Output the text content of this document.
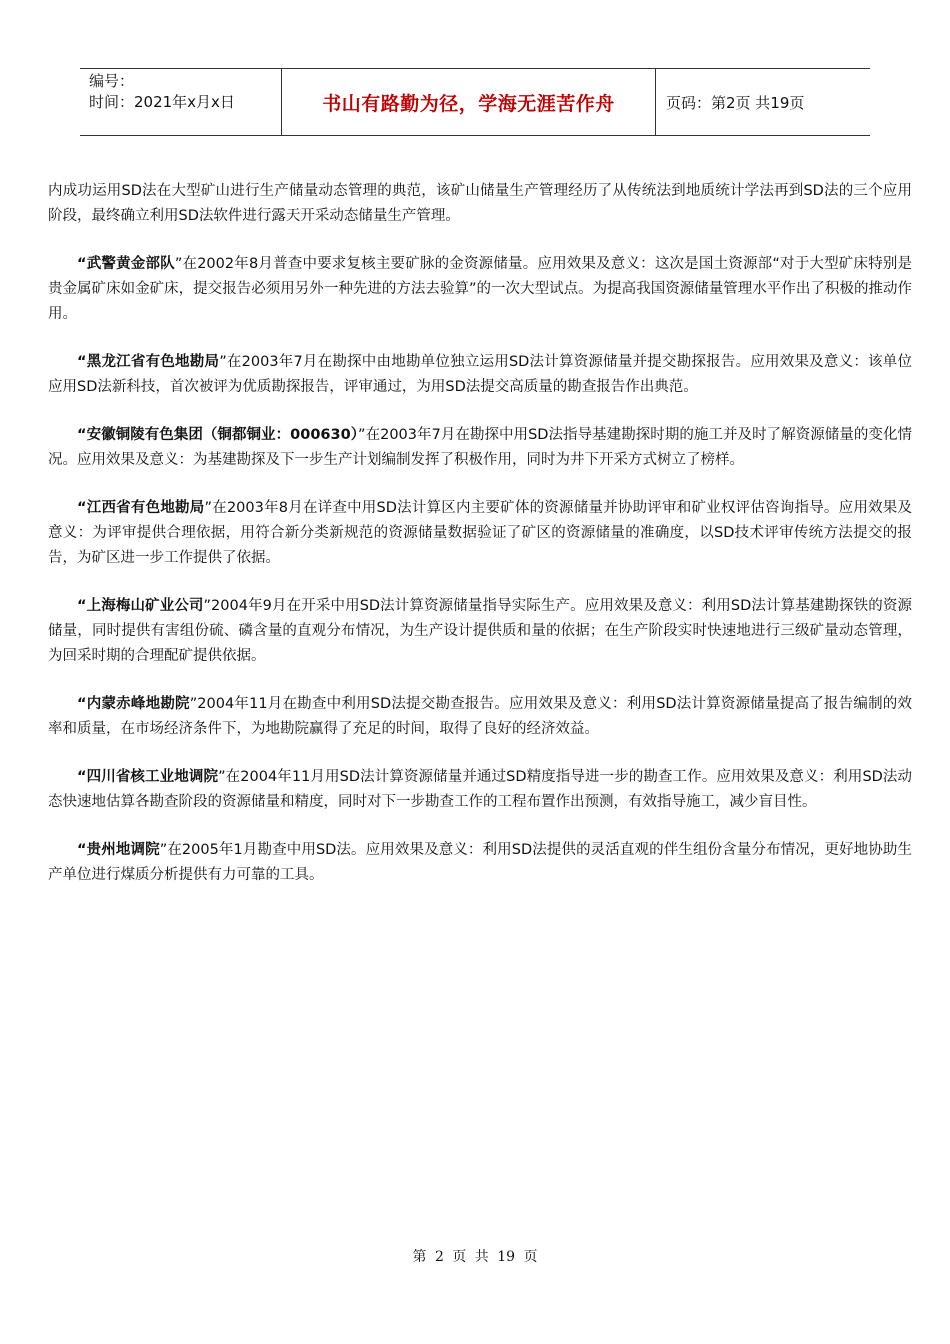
编号：
时间：2021年x月x日	书山有路勤为径，学海无涯苦作舟	页码：第2页 共19页

内成功运用SD法在大型矿山进行生产储量动态管理的典范，该矿山储量生产管理经历了从传统法到地质统计学法再到SD法的三个应用阶段，最终确立利用SD法软件进行露天开采动态储量生产管理。

“武警黄金部队”在2002年8月普查中要求复核主要矿脉的金资源储量。应用效果及意义：这次是国土资源部“对于大型矿床特别是贵金属矿床如金矿床，提交报告必须用另外一种先进的方法去验算”的一次大型试点。为提高我国资源储量管理水平作出了积极的推动作用。

“黑龙江省有色地勘局”在2003年7月在勘探中由地勘单位独立运用SD法计算资源储量并提交勘探报告。应用效果及意义：该单位应用SD法新科技，首次被评为优质勘探报告，评审通过，为用SD法提交高质量的勘查报告作出典范。

“安徽铜陵有色集团（铜都铜业：000630）”在2003年7月在勘探中用SD法指导基建勘探时期的施工并及时了解资源储量的变化情况。应用效果及意义：为基建勘探及下一步生产计划编制发挥了积极作用，同时为井下开采方式树立了榜样。

“江西省有色地勘局”在2003年8月在详查中用SD法计算区内主要矿体的资源储量并协助评审和矿业权评估咨询指导。应用效果及意义：为评审提供合理依据，用符合新分类新规范的资源储量数据验证了矿区的资源储量的准确度，以SD技术评审传统方法提交的报告，为矿区进一步工作提供了依据。

“上海梅山矿业公司”2004年9月在开采中用SD法计算资源储量指导实际生产。应用效果及意义：利用SD法计算基建勘探铁的资源储量，同时提供有害组份硫、磷含量的直观分布情况，为生产设计提供质和量的依据；在生产阶段实时快速地进行三级矿量动态管理，为回采时期的合理配矿提供依据。

“内蒙赤峰地勘院”2004年11月在勘查中利用SD法提交勘查报告。应用效果及意义：利用SD法计算资源储量提高了报告编制的效率和质量，在市场经济条件下，为地勘院赢得了充足的时间，取得了良好的经济效益。

“四川省核工业地调院”在2004年11月用SD法计算资源储量并通过SD精度指导进一步的勘查工作。应用效果及意义：利用SD法动态快速地估算各勘查阶段的资源储量和精度，同时对下一步勘查工作的工程布置作出预测，有效指导施工，减少盲目性。

“贵州地调院”在2005年1月勘查中用SD法。应用效果及意义：利用SD法提供的灵活直观的伴生组份含量分布情况，更好地协助生产单位进行煤质分析提供有力可靠的工具。

第 2 页 共 19 页
